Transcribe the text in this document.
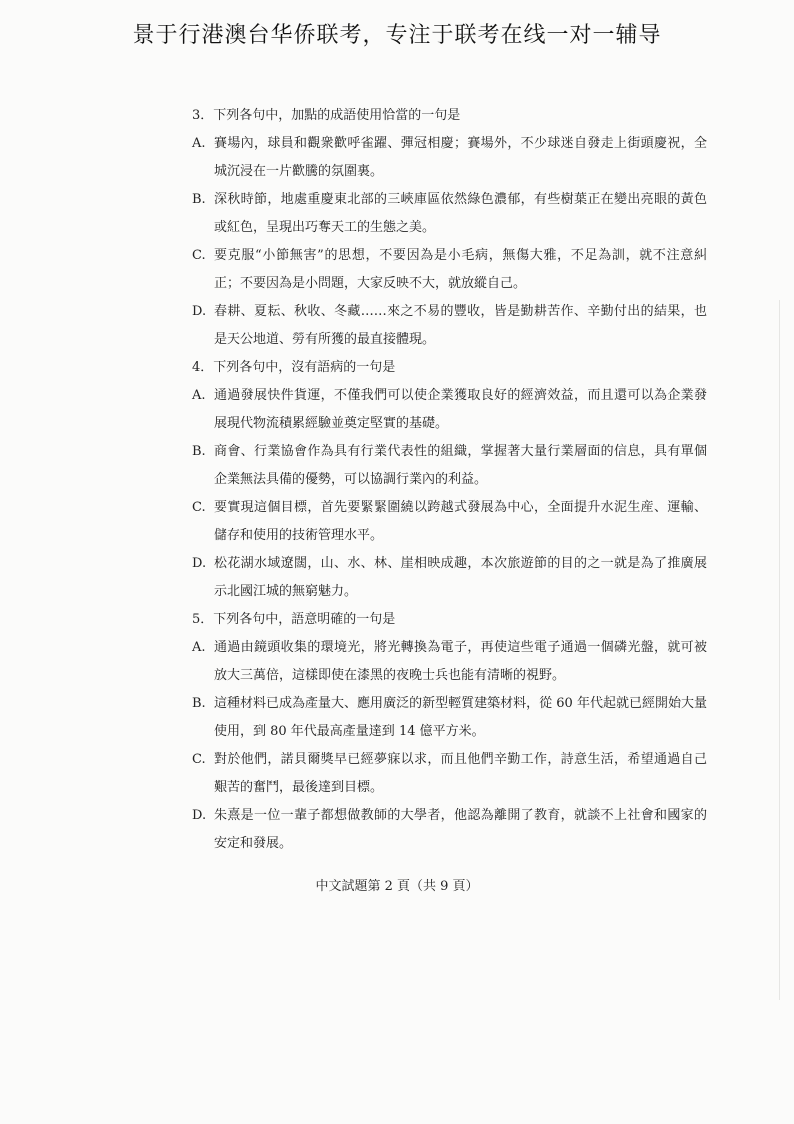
景于行港澳台华侨联考，专注于联考在线一对一辅导
3．下列各句中，加點的成語使用恰當的一句是
A. 賽場內，球員和觀衆歡呼雀躍、彈冠相慶；賽場外，不少球迷自發走上街頭慶祝，全城沉浸在一片歡騰的氛圍裏。
B. 深秋時節，地處重慶東北部的三峽庫區依然綠色濃郁，有些樹葉正在變出亮眼的黃色或紅色，呈現出巧奪天工的生態之美。
C. 要克服“小節無害”的思想，不要因為是小毛病，無傷大雅，不足為訓，就不注意糾正；不要因為是小問題，大家反映不大，就放縱自己。
D. 春耕、夏耘、秋收、冬藏……來之不易的豐收，皆是勤耕苦作、辛勤付出的結果，也是天公地道、勞有所獲的最直接體現。
4．下列各句中，沒有語病的一句是
A. 通過發展快件貨運，不僅我們可以使企業獲取良好的經濟效益，而且還可以為企業發展現代物流積累經驗並奠定堅實的基礎。
B. 商會、行業協會作為具有行業代表性的組織，掌握著大量行業層面的信息，具有單個企業無法具備的優勢，可以協調行業內的利益。
C. 要實現這個目標，首先要緊緊圍繞以跨越式發展為中心，全面提升水泥生産、運輸、儲存和使用的技術管理水平。
D. 松花湖水域遼闊，山、水、林、崖相映成趣，本次旅遊節的目的之一就是為了推廣展示北國江城的無窮魅力。
5．下列各句中，語意明確的一句是
A. 通過由鏡頭收集的環境光，將光轉換為電子，再使這些電子通過一個磷光盤，就可被放大三萬倍，這樣即使在漆黑的夜晚士兵也能有清晰的視野。
B. 這種材料已成為產量大、應用廣泛的新型輕質建築材料，從 60 年代起就已經開始大量使用，到 80 年代最高產量達到 14 億平方米。
C. 對於他們，諾貝爾獎早已經夢寐以求，而且他們辛勤工作，詩意生活，希望通過自己艱苦的奮鬥，最後達到目標。
D. 朱熹是一位一輩子都想做教師的大學者，他認為離開了教育，就談不上社會和國家的安定和發展。
中文試題第 2 頁（共 9 頁）
